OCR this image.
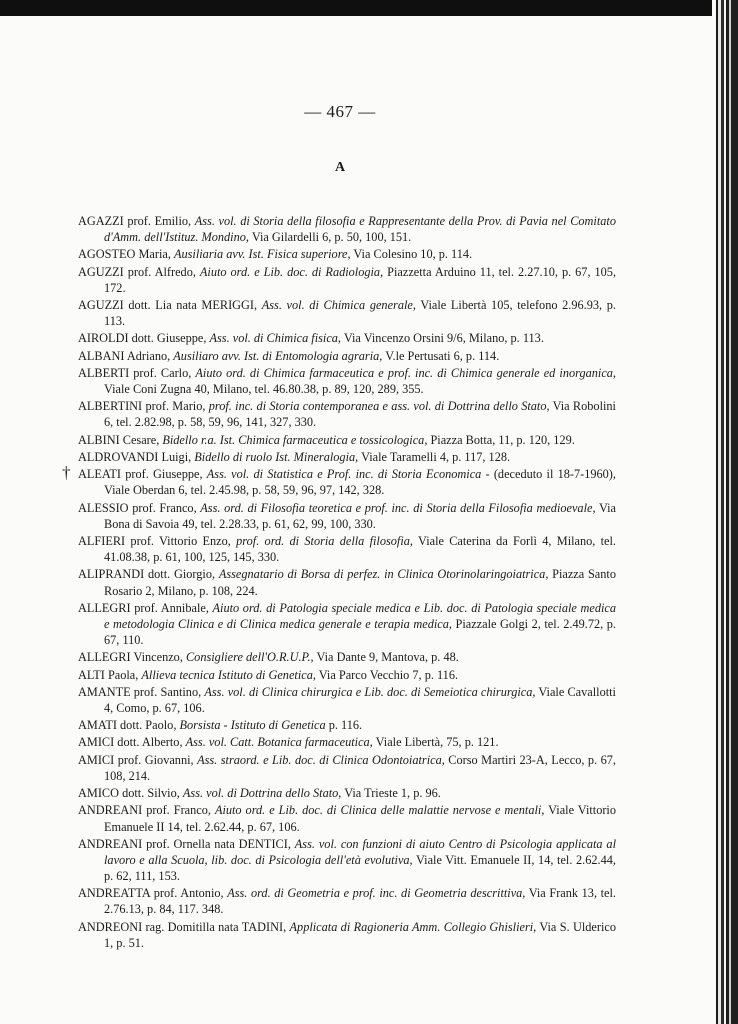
— 467 —
A

AGAZZI prof. Emilio, Ass. vol. di Storia della filosofia e Rappresentante della Prov. di Pavia nel Comitato d'Amm. dell'Istituz. Mondino, Via Gilardelli 6, p. 50, 100, 151.

AGOSTEO Maria, Ausiliaria avv. Ist. Fisica superiore, Via Colesino 10, p. 114.

AGUZZI prof. Alfredo, Aiuto ord. e Lib. doc. di Radiologia, Piazzetta Arduino 11, tel. 2.27.10, p. 67, 105, 172.

AGUZZI dott. Lia nata MERIGGI, Ass. vol. di Chimica generale, Viale Libertà 105, telefono 2.96.93, p. 113.

AIROLDI dott. Giuseppe, Ass. vol. di Chimica fisica, Via Vincenzo Orsini 9/6, Milano, p. 113.

ALBANI Adriano, Ausiliaro avv. Ist. di Entomologia agraria, V.le Pertusati 6, p. 114.

ALBERTI prof. Carlo, Aiuto ord. di Chimica farmaceutica e prof. inc. di Chimica generale ed inorganica, Viale Coni Zugna 40, Milano, tel. 46.80.38, p. 89, 120, 289, 355.

ALBERTINI prof. Mario, prof. inc. di Storia contemporanea e ass. vol. di Dottrina dello Stato, Via Robolini 6, tel. 2.82.98, p. 58, 59, 96, 141, 327, 330.

ALBINI Cesare, Bidello r.a. Ist. Chimica farmaceutica e tossicologica, Piazza Botta, 11, p. 120, 129.

ALDROVANDI Luigi, Bidello di ruolo Ist. Mineralogia, Viale Taramelli 4, p. 117, 128.

† ALEATI prof. Giuseppe, Ass. vol. di Statistica e Prof. inc. di Storia Economica - (deceduto il 18-7-1960), Viale Oberdan 6, tel. 2.45.98, p. 58, 59, 96, 97, 142, 328.

ALESSIO prof. Franco, Ass. ord. di Filosofia teoretica e prof. inc. di Storia della Filosofia medioevale, Via Bona di Savoia 49, tel. 2.28.33, p. 61, 62, 99, 100, 330.

ALFIERI prof. Vittorio Enzo, prof. ord. di Storia della filosofia, Viale Caterina da Forlì 4, Milano, tel. 41.08.38, p. 61, 100, 125, 145, 330.

ALIPRANDI dott. Giorgio, Assegnatario di Borsa di perfez. in Clinica Otorinolaringoiatrica, Piazza Santo Rosario 2, Milano, p. 108, 224.

ALLEGRI prof. Annibale, Aiuto ord. di Patologia speciale medica e Lib. doc. di Patologia speciale medica e metodologia Clinica e di Clinica medica generale e terapia medica, Piazzale Golgi 2, tel. 2.49.72, p. 67, 110.

ALLEGRI Vincenzo, Consigliere dell'O.R.U.P., Via Dante 9, Mantova, p. 48.

ALTI Paola, Allieva tecnica Istituto di Genetica, Via Parco Vecchio 7, p. 116.

AMANTE prof. Santino, Ass. vol. di Clinica chirurgica e Lib. doc. di Semeiotica chirurgica, Viale Cavallotti 4, Como, p. 67, 106.

AMATI dott. Paolo, Borsista - Istituto di Genetica p. 116.

AMICI dott. Alberto, Ass. vol. Catt. Botanica farmaceutica, Viale Libertà, 75, p. 121.

AMICI prof. Giovanni, Ass. straord. e Lib. doc. di Clinica Odontoiatrica, Corso Martiri 23-A, Lecco, p. 67, 108, 214.

AMICO dott. Silvio, Ass. vol. di Dottrina dello Stato, Via Trieste 1, p. 96.

ANDREANI prof. Franco, Aiuto ord. e Lib. doc. di Clinica delle malattie nervose e mentali, Viale Vittorio Emanuele II 14, tel. 2.62.44, p. 67, 106.

ANDREANI prof. Ornella nata DENTICI, Ass. vol. con funzioni di aiuto Centro di Psicologia applicata al lavoro e alla Scuola, lib. doc. di Psicologia dell'età evolutiva, Viale Vitt. Emanuele II, 14, tel. 2.62.44, p. 62, 111, 153.

ANDREATTA prof. Antonio, Ass. ord. di Geometria e prof. inc. di Geometria descrittiva, Via Frank 13, tel. 2.76.13, p. 84, 117. 348.

ANDREONI rag. Domitilla nata TADINI, Applicata di Ragioneria Amm. Collegio Ghislieri, Via S. Ulderico 1, p. 51.
